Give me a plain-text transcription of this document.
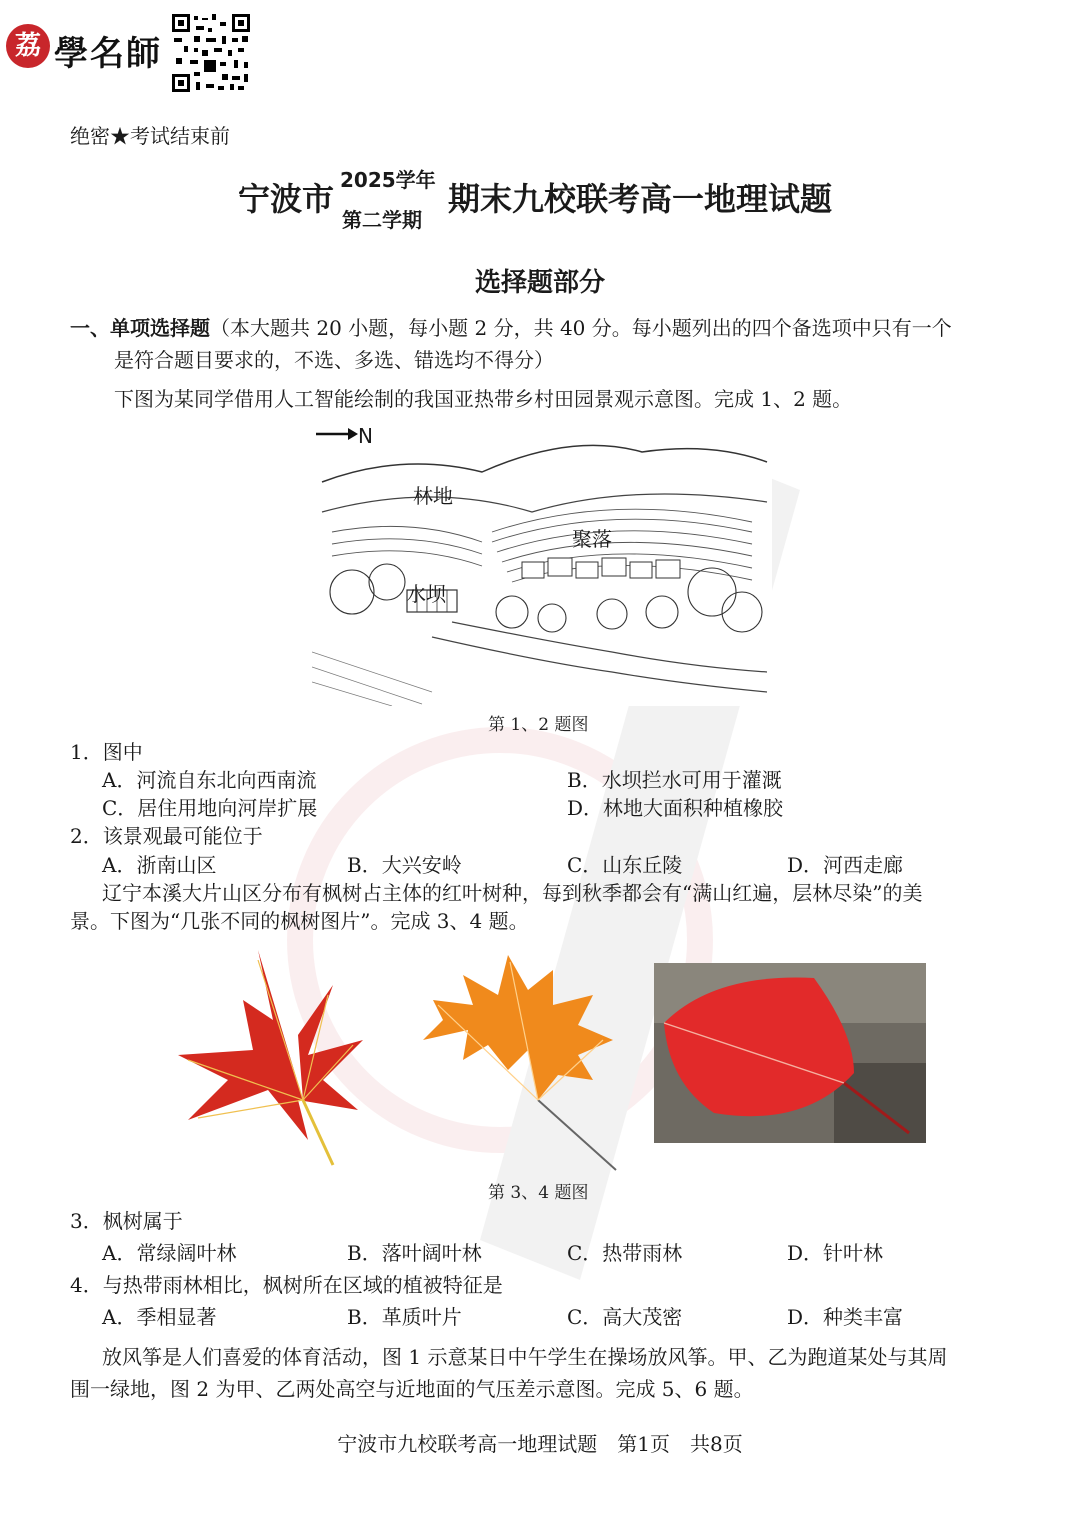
荔 學名師
绝密★考试结束前
宁波市 2025学年
第二学期
期末九校联考高一地理试题
选择题部分
一、单项选择题（本大题共 20 小题，每小题 2 分，共 40 分。每小题列出的四个备选项中只有一个
是符合题目要求的，不选、多选、错选均不得分）
下图为某同学借用人工智能绘制的我国亚热带乡村田园景观示意图。完成 1、2 题。
N
林地
聚落
水坝
第 1、2 题图
1．图中
A．河流自东北向西南流	B．水坝拦水可用于灌溉
C．居住用地向河岸扩展	D．林地大面积种植橡胶
2．该景观最可能位于
A．浙南山区	B．大兴安岭	C．山东丘陵	D．河西走廊
辽宁本溪大片山区分布有枫树占主体的红叶树种，每到秋季都会有“满山红遍，层林尽染”的美
景。下图为“几张不同的枫树图片”。完成 3、4 题。
第 3、4 题图
3．枫树属于
A．常绿阔叶林	B．落叶阔叶林	C．热带雨林	D．针叶林
4．与热带雨林相比，枫树所在区域的植被特征是
A．季相显著	B．革质叶片	C．高大茂密	D．种类丰富
放风筝是人们喜爱的体育活动，图 1 示意某日中午学生在操场放风筝。甲、乙为跑道某处与其周
围一绿地，图 2 为甲、乙两处高空与近地面的气压差示意图。完成 5、6 题。
宁波市九校联考高一地理试题　第1页　共8页
